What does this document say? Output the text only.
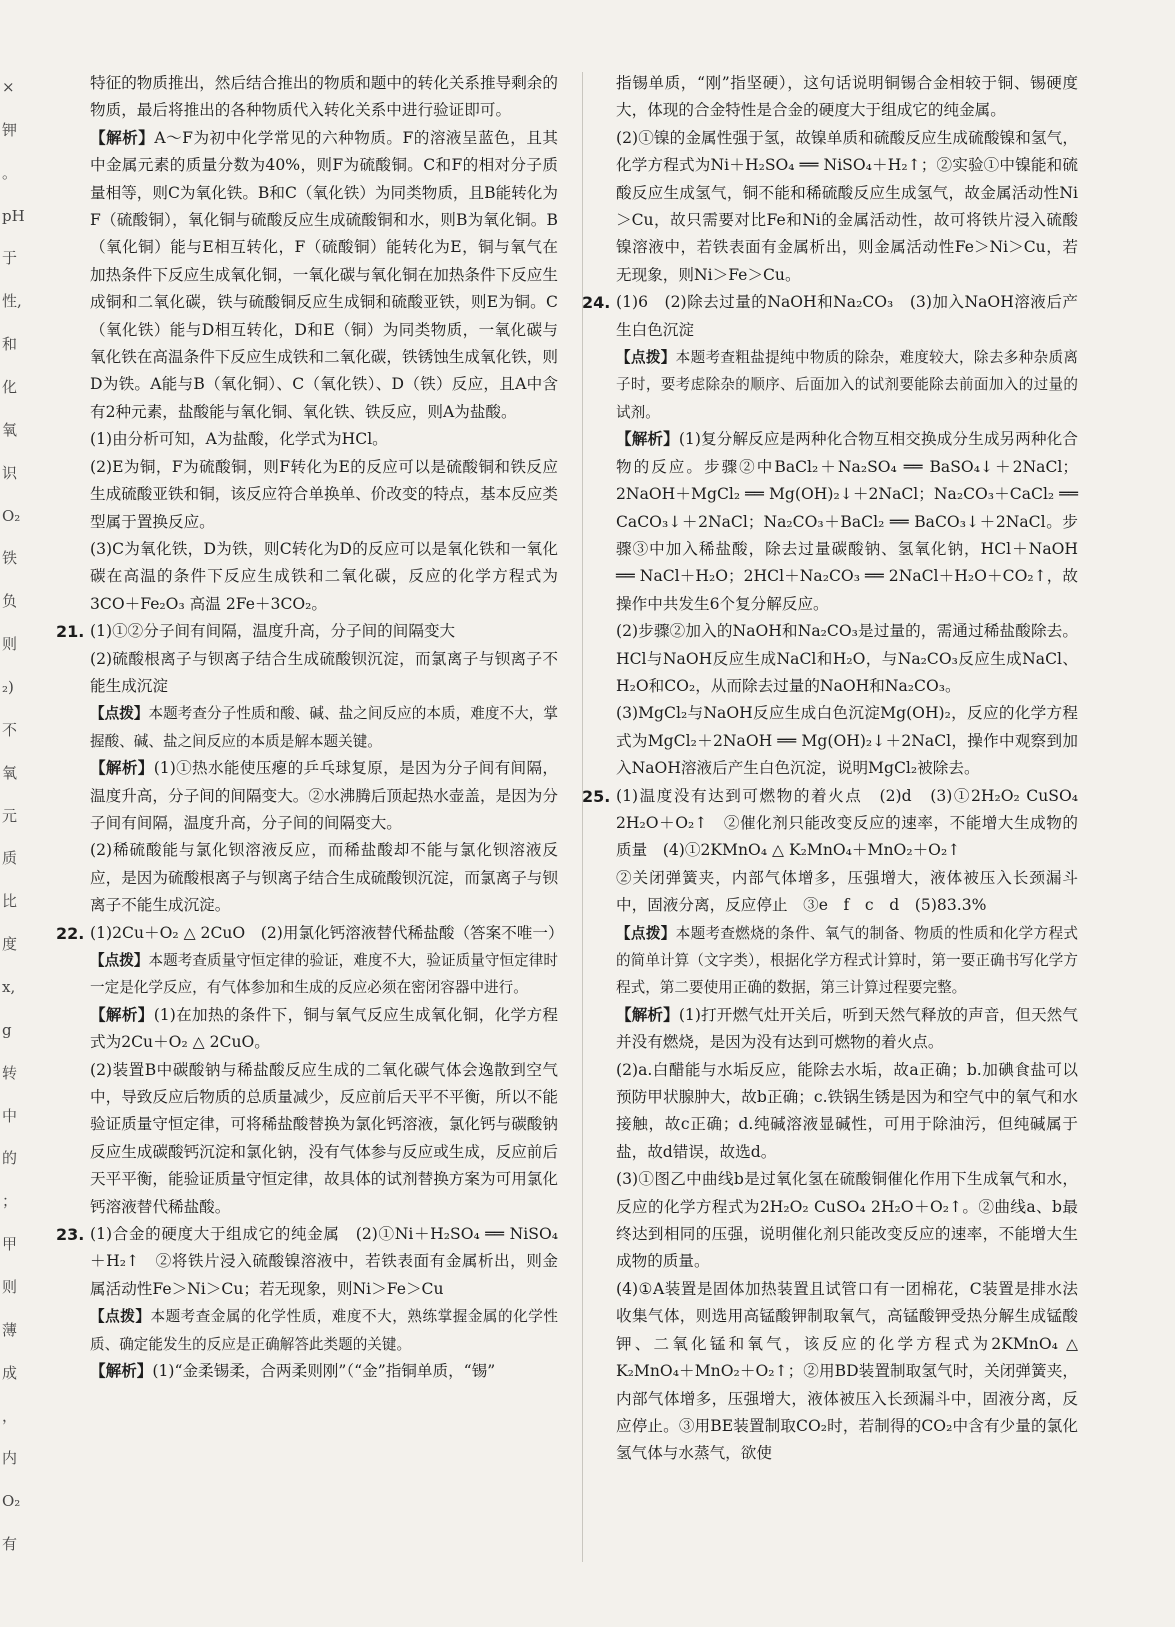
×
钾
。
pH
于
性,
和
化
氧
识
O₂
铁
负
则
₂)
不
氧
元
质
比
度
x,
g
转
中
的
；
甲
则
薄
成
，
内
O₂
有

特征的物质推出，然后结合推出的物质和题中的转化关系推导剩余的物质，最后将推出的各种物质代入转化关系中进行验证即可。

【解析】A～F为初中化学常见的六种物质。F的溶液呈蓝色，且其中金属元素的质量分数为40%，则F为硫酸铜。C和F的相对分子质量相等，则C为氧化铁。B和C（氧化铁）为同类物质，且B能转化为F（硫酸铜），氧化铜与硫酸反应生成硫酸铜和水，则B为氧化铜。B（氧化铜）能与E相互转化，F（硫酸铜）能转化为E，铜与氧气在加热条件下反应生成氧化铜，一氧化碳与氧化铜在加热条件下反应生成铜和二氧化碳，铁与硫酸铜反应生成铜和硫酸亚铁，则E为铜。C（氧化铁）能与D相互转化，D和E（铜）为同类物质，一氧化碳与氧化铁在高温条件下反应生成铁和二氧化碳，铁锈蚀生成氧化铁，则D为铁。A能与B（氧化铜）、C（氧化铁）、D（铁）反应，且A中含有2种元素，盐酸能与氧化铜、氧化铁、铁反应，则A为盐酸。

(1)由分析可知，A为盐酸，化学式为HCl。

(2)E为铜，F为硫酸铜，则F转化为E的反应可以是硫酸铜和铁反应生成硫酸亚铁和铜，该反应符合单换单、价改变的特点，基本反应类型属于置换反应。

(3)C为氧化铁，D为铁，则C转化为D的反应可以是氧化铁和一氧化碳在高温的条件下反应生成铁和二氧化碳，反应的化学方程式为3CO＋Fe₂O₃ 高温 2Fe＋3CO₂。

21. (1)①②分子间有间隔，温度升高，分子间的间隔变大

(2)硫酸根离子与钡离子结合生成硫酸钡沉淀，而氯离子与钡离子不能生成沉淀

【点拨】本题考查分子性质和酸、碱、盐之间反应的本质，难度不大，掌握酸、碱、盐之间反应的本质是解本题关键。

【解析】(1)①热水能使压瘪的乒乓球复原，是因为分子间有间隔，温度升高，分子间的间隔变大。②水沸腾后顶起热水壶盖，是因为分子间有间隔，温度升高，分子间的间隔变大。

(2)稀硫酸能与氯化钡溶液反应，而稀盐酸却不能与氯化钡溶液反应，是因为硫酸根离子与钡离子结合生成硫酸钡沉淀，而氯离子与钡离子不能生成沉淀。

22. (1)2Cu＋O₂ △ 2CuO　(2)用氯化钙溶液替代稀盐酸（答案不唯一）

【点拨】本题考查质量守恒定律的验证，难度不大，验证质量守恒定律时一定是化学反应，有气体参加和生成的反应必须在密闭容器中进行。

【解析】(1)在加热的条件下，铜与氧气反应生成氧化铜，化学方程式为2Cu＋O₂ △ 2CuO。

(2)装置B中碳酸钠与稀盐酸反应生成的二氧化碳气体会逸散到空气中，导致反应后物质的总质量减少，反应前后天平不平衡，所以不能验证质量守恒定律，可将稀盐酸替换为氯化钙溶液，氯化钙与碳酸钠反应生成碳酸钙沉淀和氯化钠，没有气体参与反应或生成，反应前后天平平衡，能验证质量守恒定律，故具体的试剂替换方案为可用氯化钙溶液替代稀盐酸。

23. (1)合金的硬度大于组成它的纯金属　(2)①Ni＋H₂SO₄ ══ NiSO₄＋H₂↑　②将铁片浸入硫酸镍溶液中，若铁表面有金属析出，则金属活动性Fe＞Ni＞Cu；若无现象，则Ni＞Fe＞Cu

【点拨】本题考查金属的化学性质，难度不大，熟练掌握金属的化学性质、确定能发生的反应是正确解答此类题的关键。

【解析】(1)“金柔锡柔，合两柔则刚”（“金”指铜单质，“锡”

指锡单质，“刚”指坚硬），这句话说明铜锡合金相较于铜、锡硬度大，体现的合金特性是合金的硬度大于组成它的纯金属。

(2)①镍的金属性强于氢，故镍单质和硫酸反应生成硫酸镍和氢气，化学方程式为Ni＋H₂SO₄ ══ NiSO₄＋H₂↑；②实验①中镍能和硫酸反应生成氢气，铜不能和稀硫酸反应生成氢气，故金属活动性Ni＞Cu，故只需要对比Fe和Ni的金属活动性，故可将铁片浸入硫酸镍溶液中，若铁表面有金属析出，则金属活动性Fe＞Ni＞Cu，若无现象，则Ni＞Fe＞Cu。

24. (1)6　(2)除去过量的NaOH和Na₂CO₃　(3)加入NaOH溶液后产生白色沉淀

【点拨】本题考查粗盐提纯中物质的除杂，难度较大，除去多种杂质离子时，要考虑除杂的顺序、后面加入的试剂要能除去前面加入的过量的试剂。

【解析】(1)复分解反应是两种化合物互相交换成分生成另两种化合物的反应。步骤②中BaCl₂＋Na₂SO₄ ══ BaSO₄↓＋2NaCl；2NaOH＋MgCl₂ ══ Mg(OH)₂↓＋2NaCl；Na₂CO₃＋CaCl₂ ══ CaCO₃↓＋2NaCl；Na₂CO₃＋BaCl₂ ══ BaCO₃↓＋2NaCl。步骤③中加入稀盐酸，除去过量碳酸钠、氢氧化钠，HCl＋NaOH ══ NaCl＋H₂O；2HCl＋Na₂CO₃ ══ 2NaCl＋H₂O＋CO₂↑，故操作中共发生6个复分解反应。

(2)步骤②加入的NaOH和Na₂CO₃是过量的，需通过稀盐酸除去。HCl与NaOH反应生成NaCl和H₂O，与Na₂CO₃反应生成NaCl、H₂O和CO₂，从而除去过量的NaOH和Na₂CO₃。

(3)MgCl₂与NaOH反应生成白色沉淀Mg(OH)₂，反应的化学方程式为MgCl₂＋2NaOH ══ Mg(OH)₂↓＋2NaCl，操作中观察到加入NaOH溶液后产生白色沉淀，说明MgCl₂被除去。

25. (1)温度没有达到可燃物的着火点　(2)d　(3)①2H₂O₂ CuSO₄ 2H₂O＋O₂↑　②催化剂只能改变反应的速率，不能增大生成物的质量　(4)①2KMnO₄ △ K₂MnO₄＋MnO₂＋O₂↑

②关闭弹簧夹，内部气体增多，压强增大，液体被压入长颈漏斗中，固液分离，反应停止　③e　f　c　d　(5)83.3%

【点拨】本题考查燃烧的条件、氧气的制备、物质的性质和化学方程式的简单计算（文字类），根据化学方程式计算时，第一要正确书写化学方程式，第二要使用正确的数据，第三计算过程要完整。

【解析】(1)打开燃气灶开关后，听到天然气释放的声音，但天然气并没有燃烧，是因为没有达到可燃物的着火点。

(2)a.白醋能与水垢反应，能除去水垢，故a正确；b.加碘食盐可以预防甲状腺肿大，故b正确；c.铁锅生锈是因为和空气中的氧气和水接触，故c正确；d.纯碱溶液显碱性，可用于除油污，但纯碱属于盐，故d错误，故选d。

(3)①图乙中曲线b是过氧化氢在硫酸铜催化作用下生成氧气和水，反应的化学方程式为2H₂O₂ CuSO₄ 2H₂O＋O₂↑。②曲线a、b最终达到相同的压强，说明催化剂只能改变反应的速率，不能增大生成物的质量。

(4)①A装置是固体加热装置且试管口有一团棉花，C装置是排水法收集气体，则选用高锰酸钾制取氧气，高锰酸钾受热分解生成锰酸钾、二氧化锰和氧气，该反应的化学方程式为2KMnO₄ △ K₂MnO₄＋MnO₂＋O₂↑；②用BD装置制取氢气时，关闭弹簧夹，内部气体增多，压强增大，液体被压入长颈漏斗中，固液分离，反应停止。③用BE装置制取CO₂时，若制得的CO₂中含有少量的氯化氢气体与水蒸气，欲使
